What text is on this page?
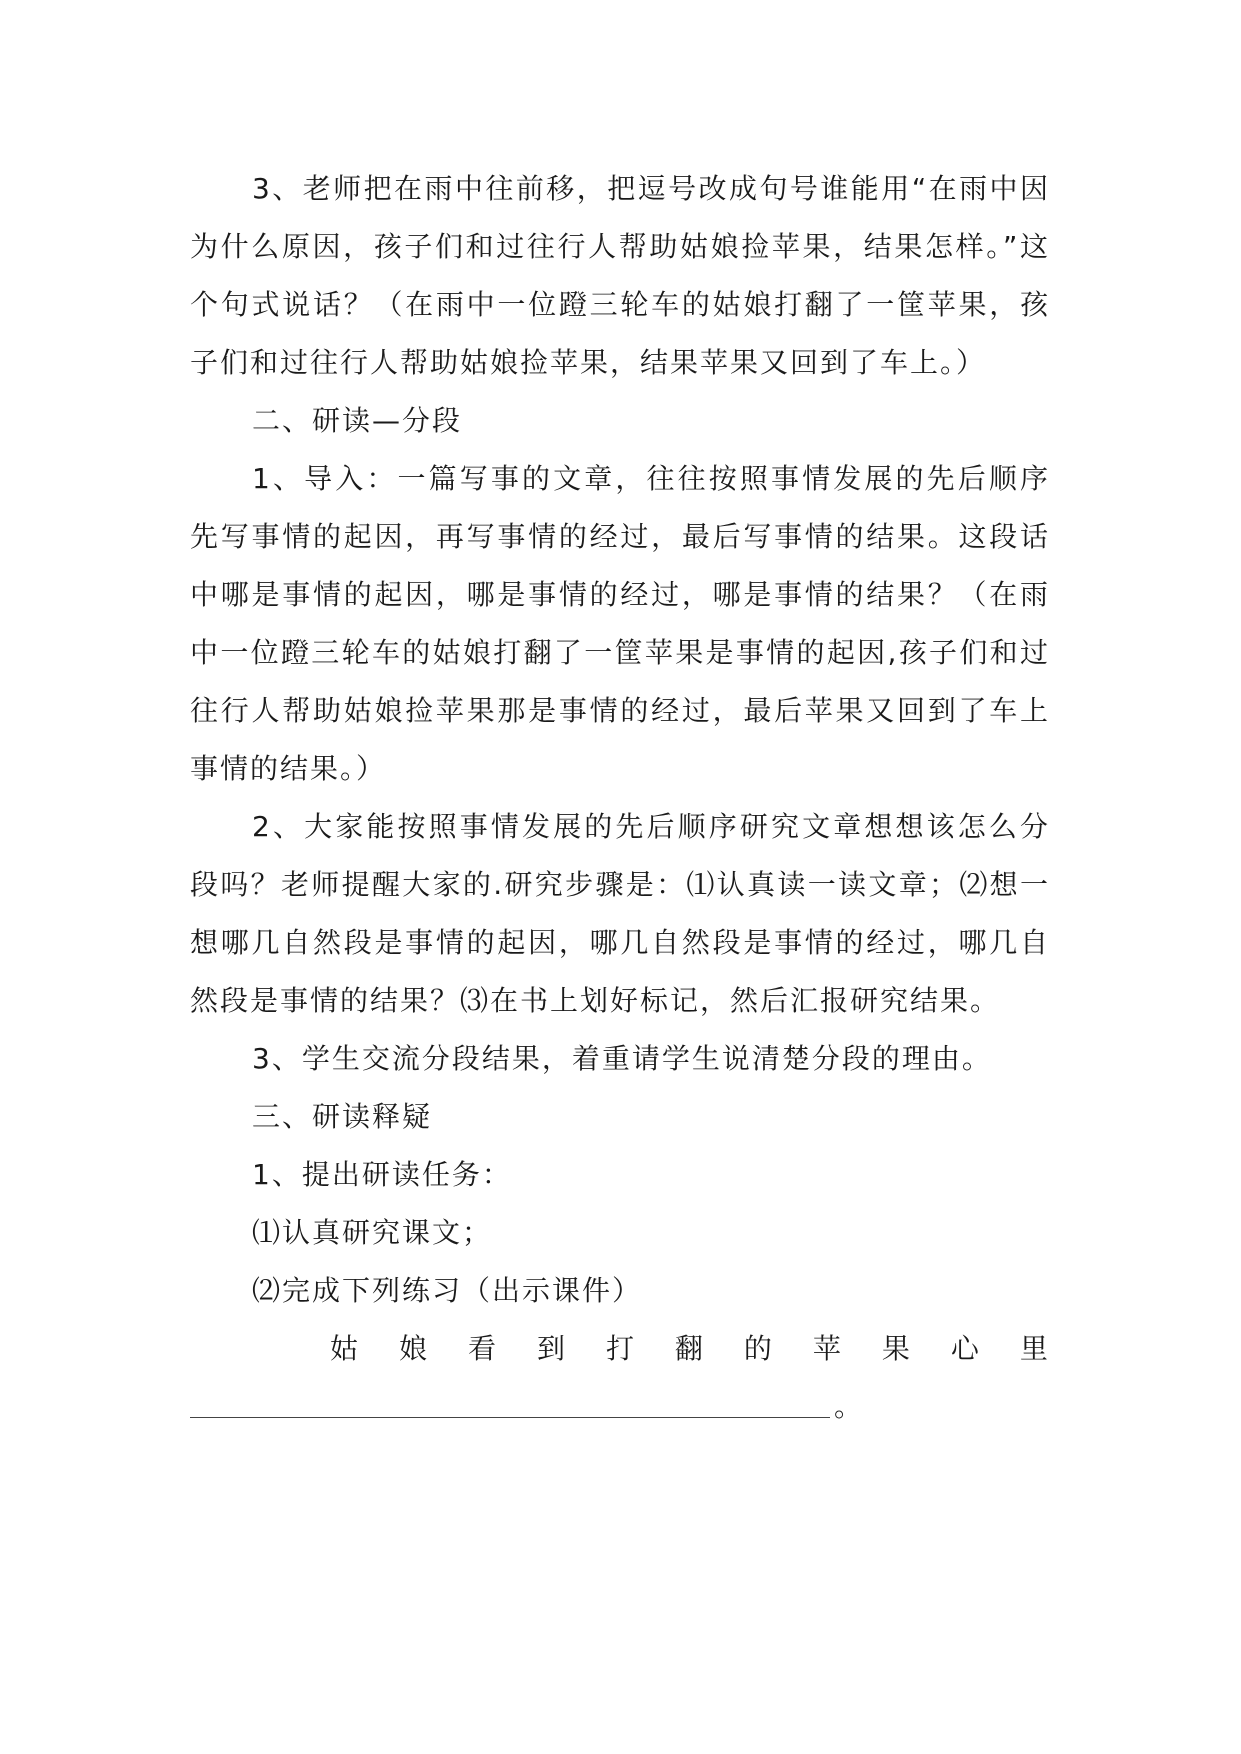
3、老师把在雨中往前移，把逗号改成句号谁能用“在雨中因为什么原因，孩子们和过往行人帮助姑娘捡苹果，结果怎样。”这个句式说话？（在雨中一位蹬三轮车的姑娘打翻了一筐苹果，孩子们和过往行人帮助姑娘捡苹果，结果苹果又回到了车上。）

二、研读—分段

1、导入：一篇写事的文章，往往按照事情发展的先后顺序先写事情的起因，再写事情的经过，最后写事情的结果。这段话中哪是事情的起因，哪是事情的经过，哪是事情的结果？（在雨中一位蹬三轮车的姑娘打翻了一筐苹果是事情的起因,孩子们和过往行人帮助姑娘捡苹果那是事情的经过，最后苹果又回到了车上事情的结果。）

2、大家能按照事情发展的先后顺序研究文章想想该怎么分段吗？老师提醒大家的.研究步骤是：⑴认真读一读文章；⑵想一想哪几自然段是事情的起因，哪几自然段是事情的经过，哪几自然段是事情的结果？⑶在书上划好标记，然后汇报研究结果。

3、学生交流分段结果，着重请学生说清楚分段的理由。

三、研读释疑

1、提出研读任务：

⑴认真研究课文；

⑵完成下列练习（出示课件）

姑 娘 看 到 打 翻 的 苹 果 心 里
。
